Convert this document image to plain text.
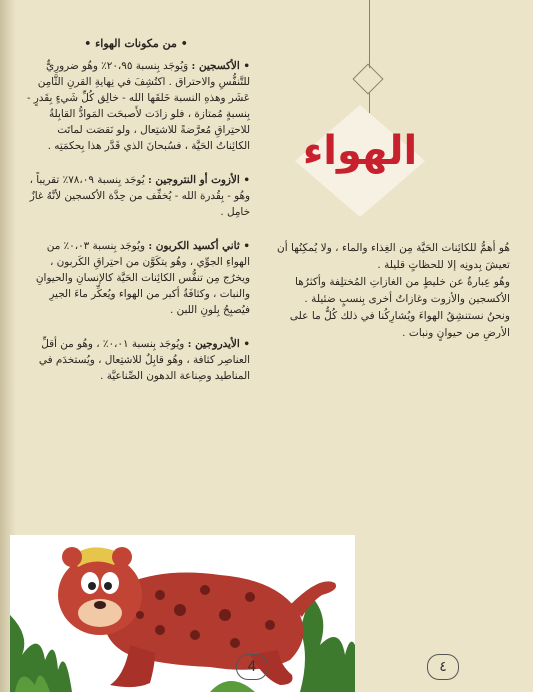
الهواء
• من مكونات الهواء •
• الأكسجين : وَيُوجَد بِنسبة ٢٠،٩٥٪ وهُو ضرورِيٌّ للتَّنفُّسِ والاحتراق . اكتُشِفَ في نِهايةِ القرنِ الثَّامِن عَشَر وهذهِ النسبة خَلقَها الله - خالِق كُلِّ شَيءٍ بِقَدرٍ - بِنسبةٍ مُمتازة ، فلو زادَت لأَصبحَت المَوادُّ القابِلةُ للاحتِراقِ مُعرَّضةً للاشتِعال ، ولو نَقصَت لماتَت الكائِناتُ الحَيَّة ، فسُبحانَ الذي قَدَّر هذا بِحكمَتِه .
• الأزوت أو النتروجين : يُوجَد بِنسبة ٧٨،٠٩٪ تقريباً ، وهُو - بِقُدرة الله - يُخفِّف من حِدَّة الأكسجين لأنَّهُ غازٌ خامِل .
• ثاني أكسيد الكربون : ويُوجَد بِنسبة ٠،٠٣٪ من الهواءِ الجوِّي ، وهُو يتكَوَّن من احتِراقِ الكَربون ، ويخرُج مِن تنفُّس الكائِنات الحَيَّة كالإنسانِ والحيوانِ والنبات ، وكثافَةُ أكبر من الهواء ويُعكِّر ماءَ الجيرِ فيُصبِحُ بِلونِ اللبن .
• الأيدروجين : ويُوجَد بِنسبة ٠،٠١٪ ، وهُو من أقلِّ العناصِر كثافة ، وهُو قابِلٌ للاشتِعال ، ويُستخدَم في المناطيد وصِناعة الدهون الصِّناعيَّة .

هُو أهمُّ للكائِنات الحَيَّة مِن الغِذاء والماء ، ولا يُمكِنُها أن تعيشَ بِدونِه إلا للحظاتٍ قليلة .

وهُو عِبارةٌ عن خليطٍ من الغازاتِ المُختلِفة وأكثرُها الأكسجين والأزوت وغازاتٌ أخرى بِنسبٍ ضئيلة .

ونحنُ نستنشِقُ الهواءَ ويُشارِكُنا في ذلك كُلُّ ما على الأرضِ من حيوانٍ ونبات .

4	٤
